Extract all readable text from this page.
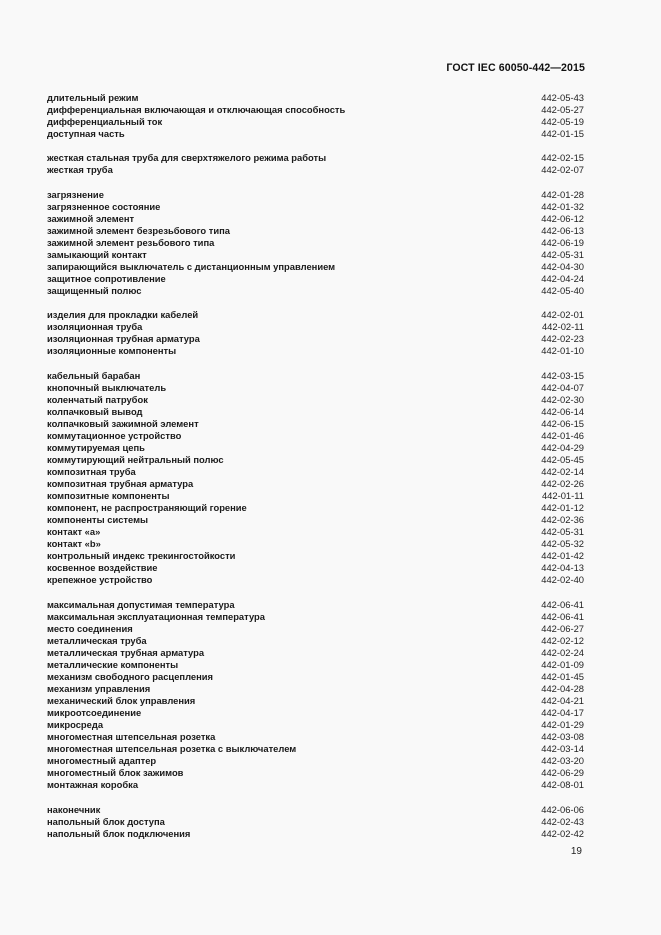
ГОСТ IEC 60050-442—2015
длительный режим	442-05-43
дифференциальная включающая и отключающая способность	442-05-27
дифференциальный ток	442-05-19
доступная часть	442-01-15
жесткая стальная труба для сверхтяжелого режима работы	442-02-15
жесткая труба	442-02-07
загрязнение	442-01-28
загрязненное состояние	442-01-32
зажимной элемент	442-06-12
зажимной элемент безрезьбового типа	442-06-13
зажимной элемент резьбового типа	442-06-19
замыкающий контакт	442-05-31
запирающийся выключатель с дистанционным управлением	442-04-30
защитное сопротивление	442-04-24
защищенный полюс	442-05-40
изделия для прокладки кабелей	442-02-01
изоляционная труба	442-02-11
изоляционная трубная арматура	442-02-23
изоляционные компоненты	442-01-10
кабельный барабан	442-03-15
кнопочный выключатель	442-04-07
коленчатый патрубок	442-02-30
колпачковый вывод	442-06-14
колпачковый зажимной элемент	442-06-15
коммутационное устройство	442-01-46
коммутируемая цепь	442-04-29
коммутирующий нейтральный полюс	442-05-45
композитная труба	442-02-14
композитная трубная арматура	442-02-26
композитные компоненты	442-01-11
компонент, не распространяющий горение	442-01-12
компоненты системы	442-02-36
контакт «a»	442-05-31
контакт «b»	442-05-32
контрольный индекс трекингостойкости	442-01-42
косвенное воздействие	442-04-13
крепежное устройство	442-02-40
максимальная допустимая температура	442-06-41
максимальная эксплуатационная температура	442-06-41
место соединения	442-06-27
металлическая труба	442-02-12
металлическая трубная арматура	442-02-24
металлические компоненты	442-01-09
механизм свободного расцепления	442-01-45
механизм управления	442-04-28
механический блок управления	442-04-21
микроотсоединение	442-04-17
микросреда	442-01-29
многоместная штепсельная розетка	442-03-08
многоместная штепсельная розетка с выключателем	442-03-14
многоместный адаптер	442-03-20
многоместный блок зажимов	442-06-29
монтажная коробка	442-08-01
наконечник	442-06-06
напольный блок доступа	442-02-43
напольный блок подключения	442-02-42
19
